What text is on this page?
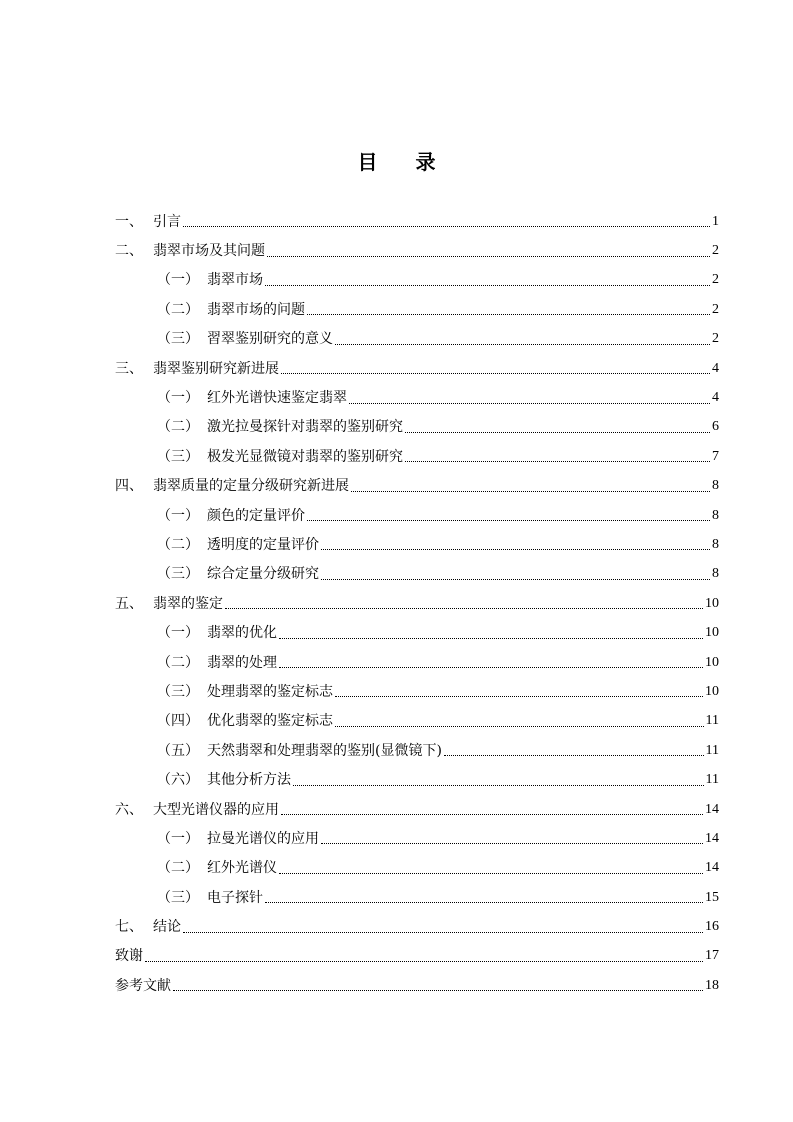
目 录
一、 引言	1
二、 翡翠市场及其问题	2
（一） 翡翠市场	2
（二） 翡翠市场的问题	2
（三） 習翠鉴别研究的意义	2
三、 翡翠鉴别研究新进展	4
（一） 红外光谱快速鉴定翡翠	4
（二） 激光拉曼探针对翡翠的鉴别研究	6
（三） 极发光显微镜对翡翠的鉴别研究	7
四、 翡翠质量的定量分级研究新进展	8
（一） 颜色的定量评价	8
（二） 透明度的定量评价	8
（三） 综合定量分级研究	8
五、 翡翠的鉴定	10
（一） 翡翠的优化	10
（二） 翡翠的处理	10
（三） 处理翡翠的鉴定标志	10
（四） 优化翡翠的鉴定标志	11
（五） 天然翡翠和处理翡翠的鉴别(显微镜下)	11
（六） 其他分析方法	11
六、 大型光谱仪器的应用	14
（一） 拉曼光谱仪的应用	14
（二） 红外光谱仪	14
（三） 电子探针	15
七、 结论	16
致谢	17
参考文献	18
